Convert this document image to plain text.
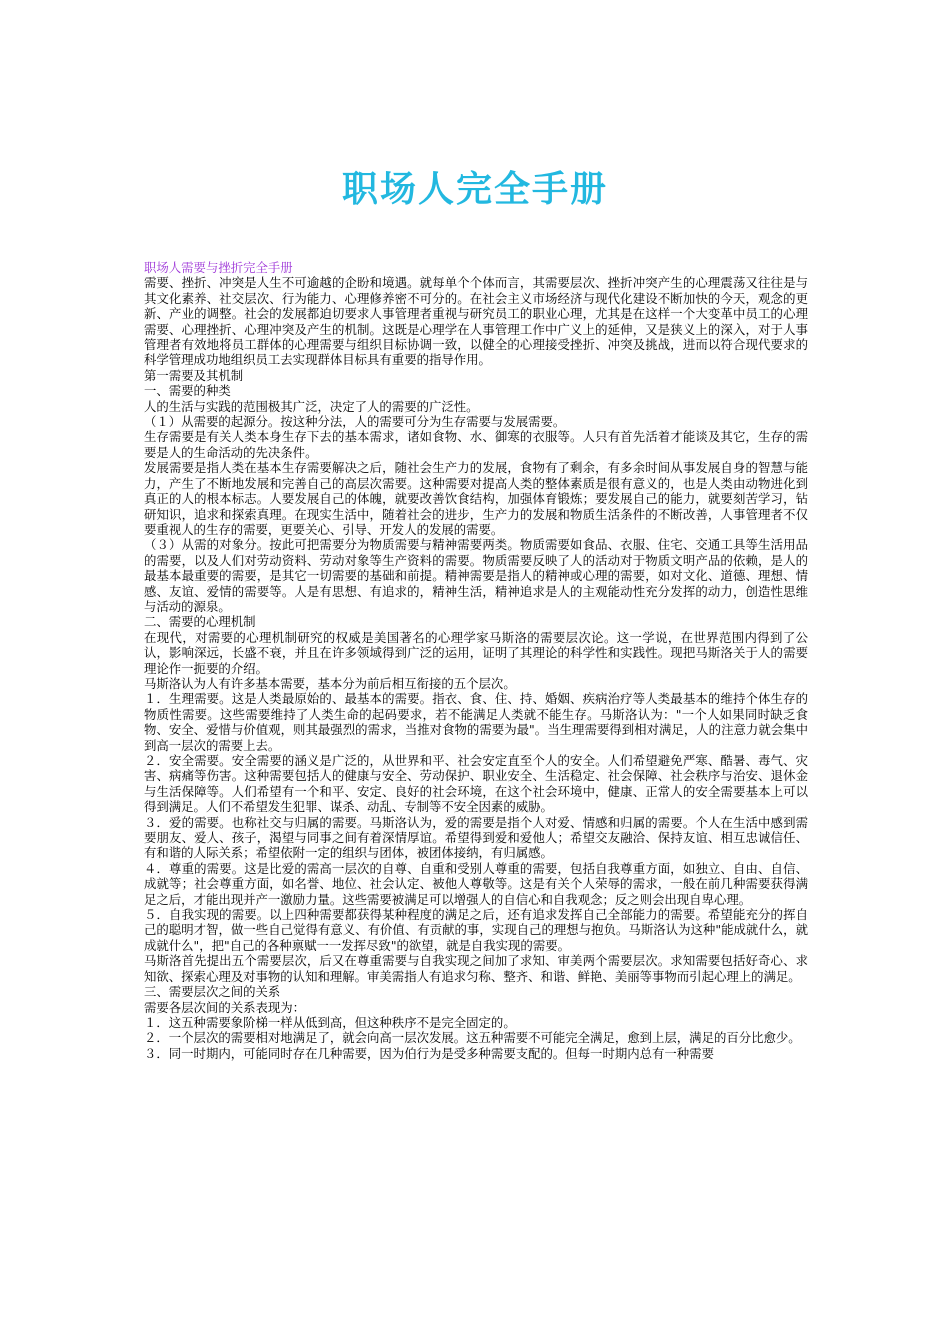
职场人完全手册

职场人需要与挫折完全手册

需要、挫折、冲突是人生不可逾越的企盼和境遇。就每单个个体而言，其需要层次、挫折冲突产生的心理震荡又往往是与其文化素养、社交层次、行为能力、心理修养密不可分的。在社会主义市场经济与现代化建设不断加快的今天，观念的更新、产业的调整。社会的发展都迫切要求人事管理者重视与研究员工的职业心理，尤其是在这样一个大变革中员工的心理需要、心理挫折、心理冲突及产生的机制。这既是心理学在人事管理工作中广义上的延伸，又是狭义上的深入，对于人事管理者有效地将员工群体的心理需要与组织目标协调一致，以健全的心理接受挫折、冲突及挑战，进而以符合现代要求的科学管理成功地组织员工去实现群体目标具有重要的指导作用。

第一需要及其机制

一、需要的种类

人的生活与实践的范围极其广泛，决定了人的需要的广泛性。

（１）从需要的起源分。按这种分法，人的需要可分为生存需要与发展需要。

生存需要是有关人类本身生存下去的基本需求，诸如食物、水、御寒的衣服等。人只有首先活着才能谈及其它，生存的需要是人的生命活动的先决条件。

发展需要是指人类在基本生存需要解决之后，随社会生产力的发展，食物有了剩余，有多余时间从事发展自身的智慧与能力，产生了不断地发展和完善自己的高层次需要。这种需要对提高人类的整体素质是很有意义的，也是人类由动物进化到真正的人的根本标志。人要发展自己的体魄，就要改善饮食结构，加强体育锻炼；要发展自己的能力，就要刻苦学习，钻研知识，追求和探索真理。在现实生活中，随着社会的进步，生产力的发展和物质生活条件的不断改善，人事管理者不仅要重视人的生存的需要，更要关心、引导、开发人的发展的需要。

（３）从需的对象分。按此可把需要分为物质需要与精神需要两类。物质需要如食品、衣服、住宅、交通工具等生活用品的需要，以及人们对劳动资料、劳动对象等生产资料的需要。物质需要反映了人的活动对于物质文明产品的依赖，是人的最基本最重要的需要，是其它一切需要的基础和前提。精神需要是指人的精神或心理的需要，如对文化、道德、理想、情感、友谊、爱情的需要等。人是有思想、有追求的，精神生活，精神追求是人的主观能动性充分发挥的动力，创造性思维与活动的源泉。

二、需要的心理机制

在现代，对需要的心理机制研究的权威是美国著名的心理学家马斯洛的需要层次论。这一学说，在世界范围内得到了公认，影响深远，长盛不衰，并且在许多领域得到广泛的运用，证明了其理论的科学性和实践性。现把马斯洛关于人的需要理论作一扼要的介绍。

马斯洛认为人有许多基本需要，基本分为前后相互衔接的五个层次。

１．生理需要。这是人类最原始的、最基本的需要。指衣、食、住、持、婚姻、疾病治疗等人类最基本的维持个体生存的物质性需要。这些需要维持了人类生命的起码要求，若不能满足人类就不能生存。马斯洛认为："一个人如果同时缺乏食物、安全、爱惜与价值观，则其最强烈的需求，当推对食物的需要为最"。当生理需要得到相对满足，人的注意力就会集中到高一层次的需要上去。

２．安全需要。安全需要的涵义是广泛的，从世界和平、社会安定直至个人的安全。人们希望避免严寒、酷暑、毒气、灾害、病痛等伤害。这种需要包括人的健康与安全、劳动保护、职业安全、生活稳定、社会保障、社会秩序与治安、退休金与生活保障等。人们希望有一个和平、安定、良好的社会环境，在这个社会环境中，健康、正常人的安全需要基本上可以得到满足。人们不希望发生犯罪、谋杀、动乱、专制等不安全因素的威胁。

３．爱的需要。也称社交与归属的需要。马斯洛认为，爱的需要是指个人对爱、情感和归属的需要。个人在生活中感到需要朋友、爱人、孩子，渴望与同事之间有着深情厚谊。希望得到爱和爱他人；希望交友融洽、保持友谊、相互忠诚信任、有和谐的人际关系；希望依附一定的组织与团体，被团体接纳，有归属感。

４．尊重的需要。这是比爱的需高一层次的自尊、自重和受别人尊重的需要，包括自我尊重方面，如独立、自由、自信、成就等；社会尊重方面，如名誉、地位、社会认定、被他人尊敬等。这是有关个人荣辱的需求，一般在前几种需要获得满足之后，才能出现并产一激励力量。这些需要被满足可以增强人的自信心和自我观念；反之则会出现自卑心理。

５．自我实现的需要。以上四种需要都获得某种程度的满足之后，还有追求发挥自己全部能力的需要。希望能充分的挥自己的聪明才智，做一些自己觉得有意义、有价值、有贡献的事，实现自己的理想与抱负。马斯洛认为这种"能成就什么，就成就什么"，把"自己的各种禀赋一一发挥尽致"的欲望，就是自我实现的需要。

马斯洛首先提出五个需要层次，后又在尊重需要与自我实现之间加了求知、审美两个需要层次。求知需要包括好奇心、求知欲、探索心理及对事物的认知和理解。审美需指人有追求匀称、整齐、和谐、鲜艳、美丽等事物而引起心理上的满足。

三、需要层次之间的关系

需要各层次间的关系表现为：

１．这五种需要象阶梯一样从低到高，但这种秩序不是完全固定的。

２．一个层次的需要相对地满足了，就会向高一层次发展。这五种需要不可能完全满足，愈到上层，满足的百分比愈少。

３．同一时期内，可能同时存在几种需要，因为伯行为是受多种需要支配的。但每一时期内总有一种需要
